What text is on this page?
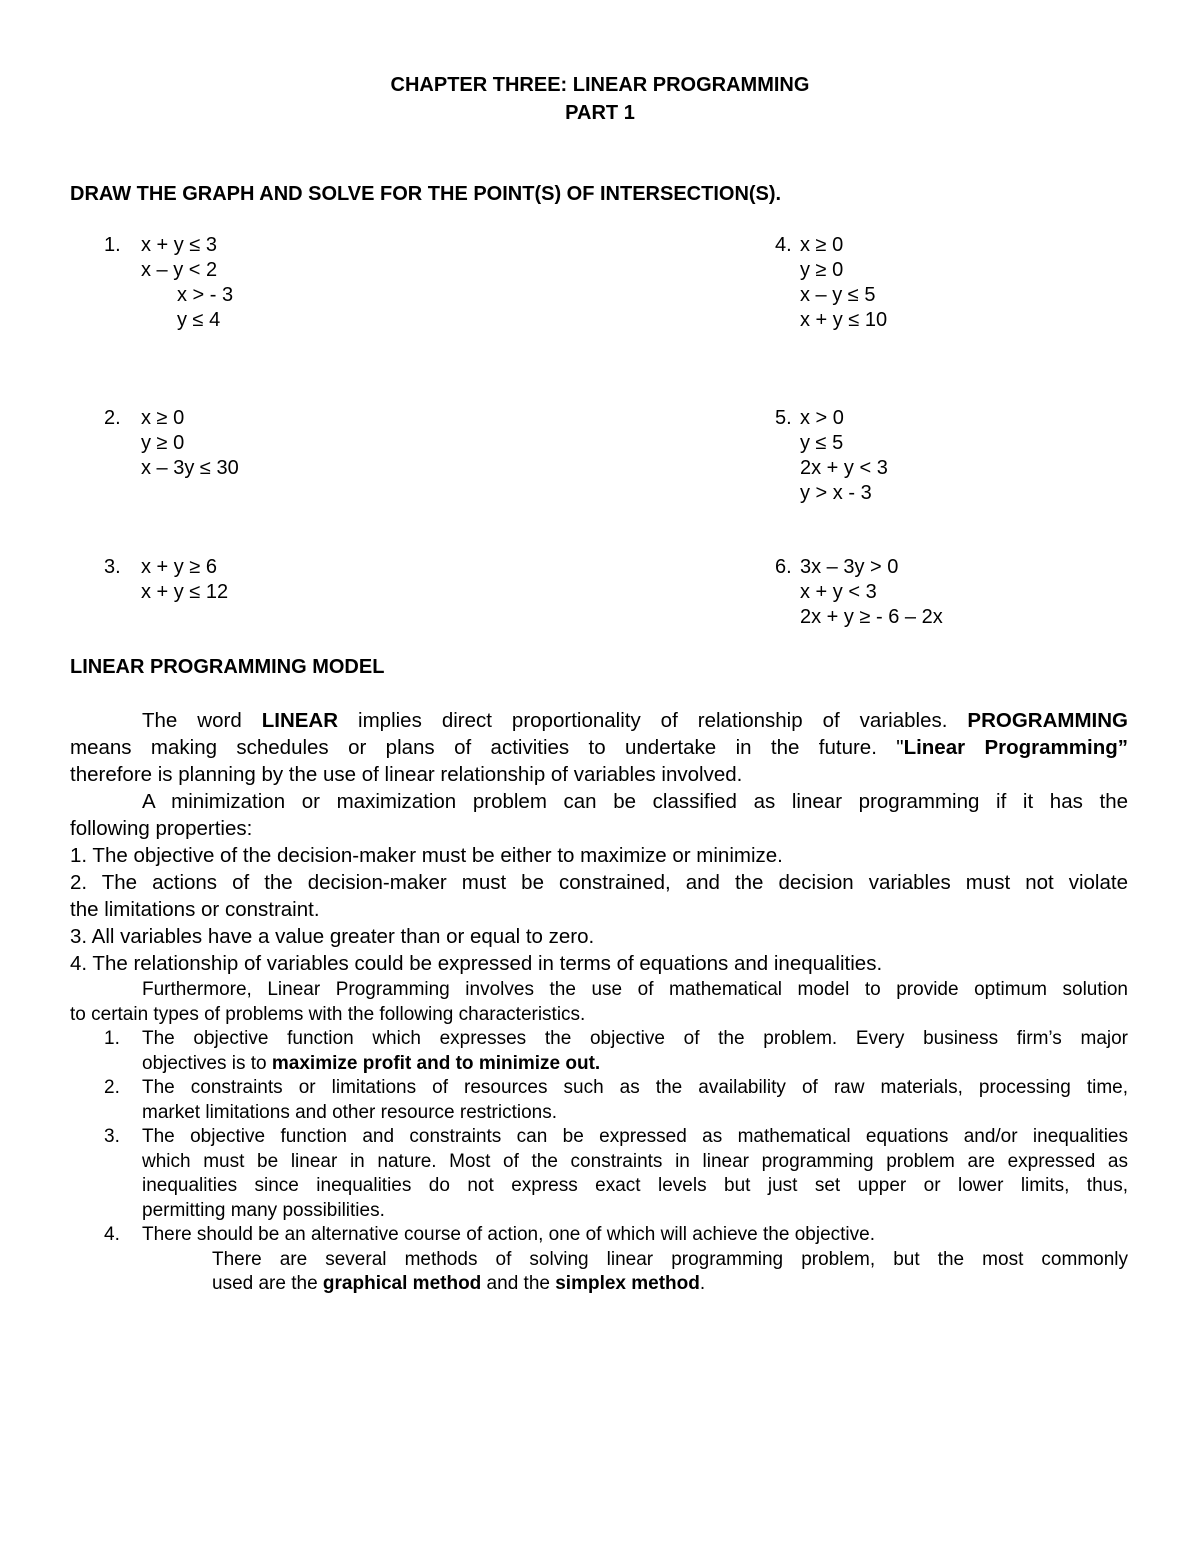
CHAPTER THREE: LINEAR PROGRAMMING
PART 1
DRAW THE GRAPH AND SOLVE FOR THE POINT(S) OF INTERSECTION(S).
1. x + y ≤ 3
x – y < 2
x > - 3
y ≤ 4
2. x ≥ 0
y ≥ 0
x – 3y ≤ 30
3. x + y ≥ 6
x + y ≤ 12
4. x ≥ 0
y ≥ 0
x – y ≤ 5
x + y ≤ 10
5. x > 0
y ≤ 5
2x + y < 3
y > x - 3
6. 3x – 3y > 0
x + y < 3
2x + y ≥ - 6 – 2x
LINEAR PROGRAMMING MODEL
The word LINEAR implies direct proportionality of relationship of variables. PROGRAMMING
means making schedules or plans of activities to undertake in the future. "Linear Programming”
therefore is planning by the use of linear relationship of variables involved.
A minimization or maximization problem can be classified as linear programming if it has the
following properties:
1. The objective of the decision-maker must be either to maximize or minimize.
2. The actions of the decision-maker must be constrained, and the decision variables must not violate
the limitations or constraint.
3. All variables have a value greater than or equal to zero.
4. The relationship of variables could be expressed in terms of equations and inequalities.
Furthermore, Linear Programming involves the use of mathematical model to provide optimum solution
to certain types of problems with the following characteristics.
1. The objective function which expresses the objective of the problem. Every business firm’s major
objectives is to maximize profit and to minimize out.
2. The constraints or limitations of resources such as the availability of raw materials, processing time,
market limitations and other resource restrictions.
3. The objective function and constraints can be expressed as mathematical equations and/or inequalities
which must be linear in nature. Most of the constraints in linear programming problem are expressed as
inequalities since inequalities do not express exact levels but just set upper or lower limits, thus,
permitting many possibilities.
4. There should be an alternative course of action, one of which will achieve the objective.
There are several methods of solving linear programming problem, but the most commonly
used are the graphical method and the simplex method.
